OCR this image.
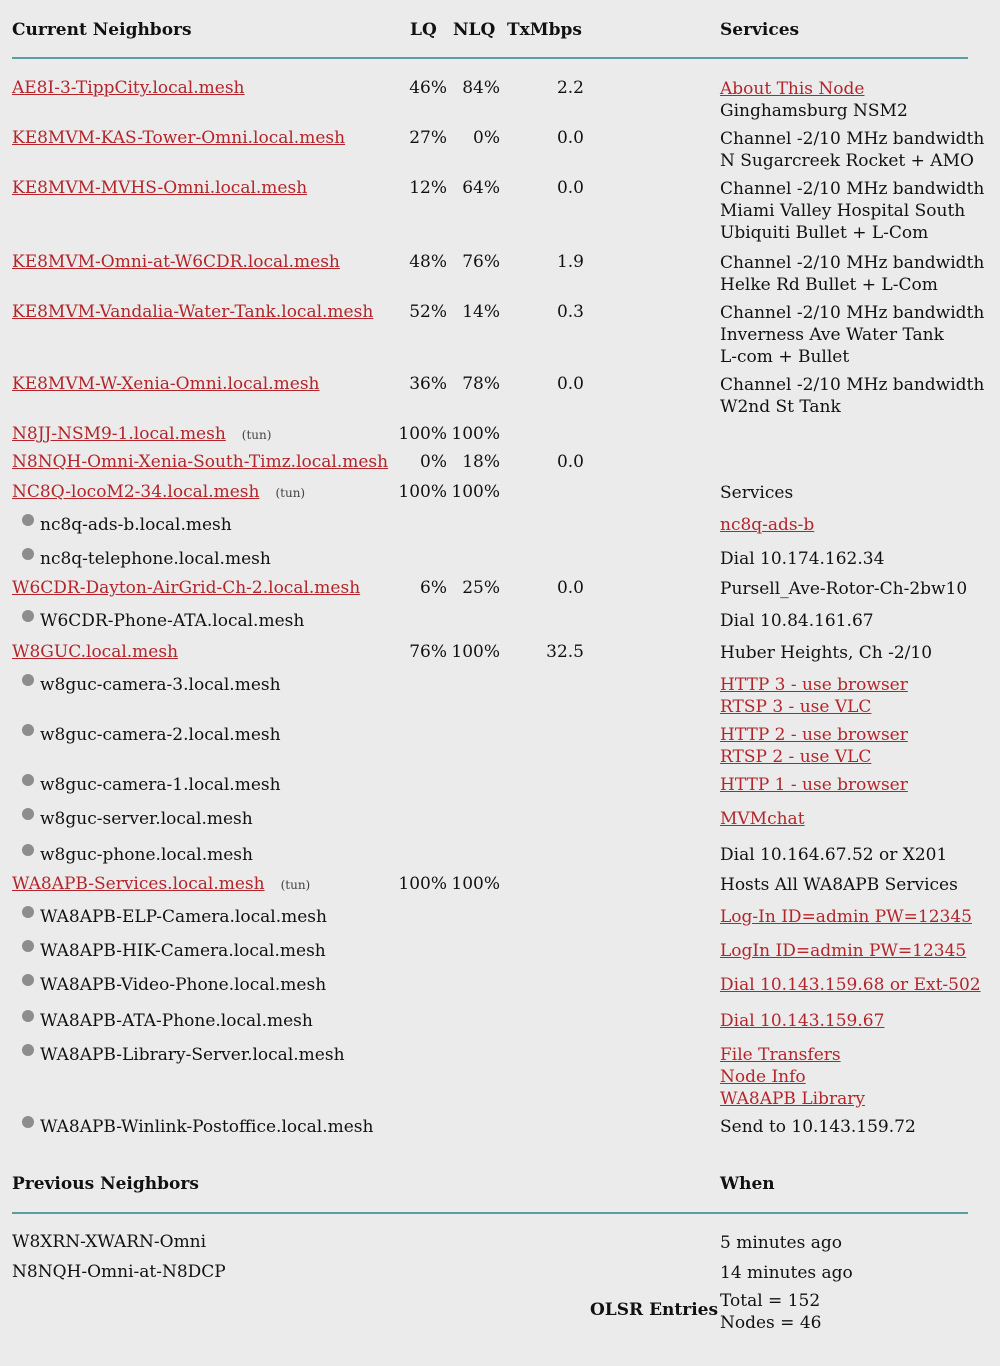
Current Neighbors	LQ NLQ TxMbps	Services
AE8I-3-TippCity.local.mesh	46% 84%	2.2	About This Node
Ginghamsburg NSM2
KE8MVM-KAS-Tower-Omni.local.mesh	27% 0%	0.0	Channel -2/10 MHz bandwidth
N Sugarcreek Rocket + AMO
KE8MVM-MVHS-Omni.local.mesh	12% 64%	0.0	Channel -2/10 MHz bandwidth
Miami Valley Hospital South
Ubiquiti Bullet + L-Com
KE8MVM-Omni-at-W6CDR.local.mesh	48% 76%	1.9	Channel -2/10 MHz bandwidth
Helke Rd Bullet + L-Com
KE8MVM-Vandalia-Water-Tank.local.mesh 52% 14%	0.3	Channel -2/10 MHz bandwidth
Inverness Ave Water Tank
L-com + Bullet
KE8MVM-W-Xenia-Omni.local.mesh	36% 78%	0.0	Channel -2/10 MHz bandwidth
W2nd St Tank
N8JJ-NSM9-1.local.mesh (tun)	100% 100%
N8NQH-Omni-Xenia-South-Timz.local.mesh 0% 18%	0.0
NC8Q-locoM2-34.local.mesh (tun)	100% 100%	Services
nc8q-ads-b.local.mesh	nc8q-ads-b
nc8q-telephone.local.mesh	Dial 10.174.162.34
W6CDR-Dayton-AirGrid-Ch-2.local.mesh	6% 25%	0.0	Pursell_Ave-Rotor-Ch-2bw10
W6CDR-Phone-ATA.local.mesh	Dial 10.84.161.67
W8GUC.local.mesh	76% 100%	32.5	Huber Heights, Ch -2/10
w8guc-camera-3.local.mesh	HTTP 3 - use browser
RTSP 3 - use VLC
w8guc-camera-2.local.mesh	HTTP 2 - use browser
RTSP 2 - use VLC
w8guc-camera-1.local.mesh	HTTP 1 - use browser
w8guc-server.local.mesh	MVMchat
w8guc-phone.local.mesh	Dial 10.164.67.52 or X201
WA8APB-Services.local.mesh (tun)	100% 100%	Hosts All WA8APB Services
WA8APB-ELP-Camera.local.mesh	Log-In ID=admin PW=12345
WA8APB-HIK-Camera.local.mesh	LogIn ID=admin PW=12345
WA8APB-Video-Phone.local.mesh	Dial 10.143.159.68 or Ext-502
WA8APB-ATA-Phone.local.mesh	Dial 10.143.159.67
WA8APB-Library-Server.local.mesh	File Transfers
Node Info
WA8APB Library
WA8APB-Winlink-Postoffice.local.mesh	Send to 10.143.159.72
Previous Neighbors	When
W8XRN-XWARN-Omni	5 minutes ago
N8NQH-Omni-at-N8DCP	14 minutes ago
OLSR Entries Total = 152
Nodes = 46
